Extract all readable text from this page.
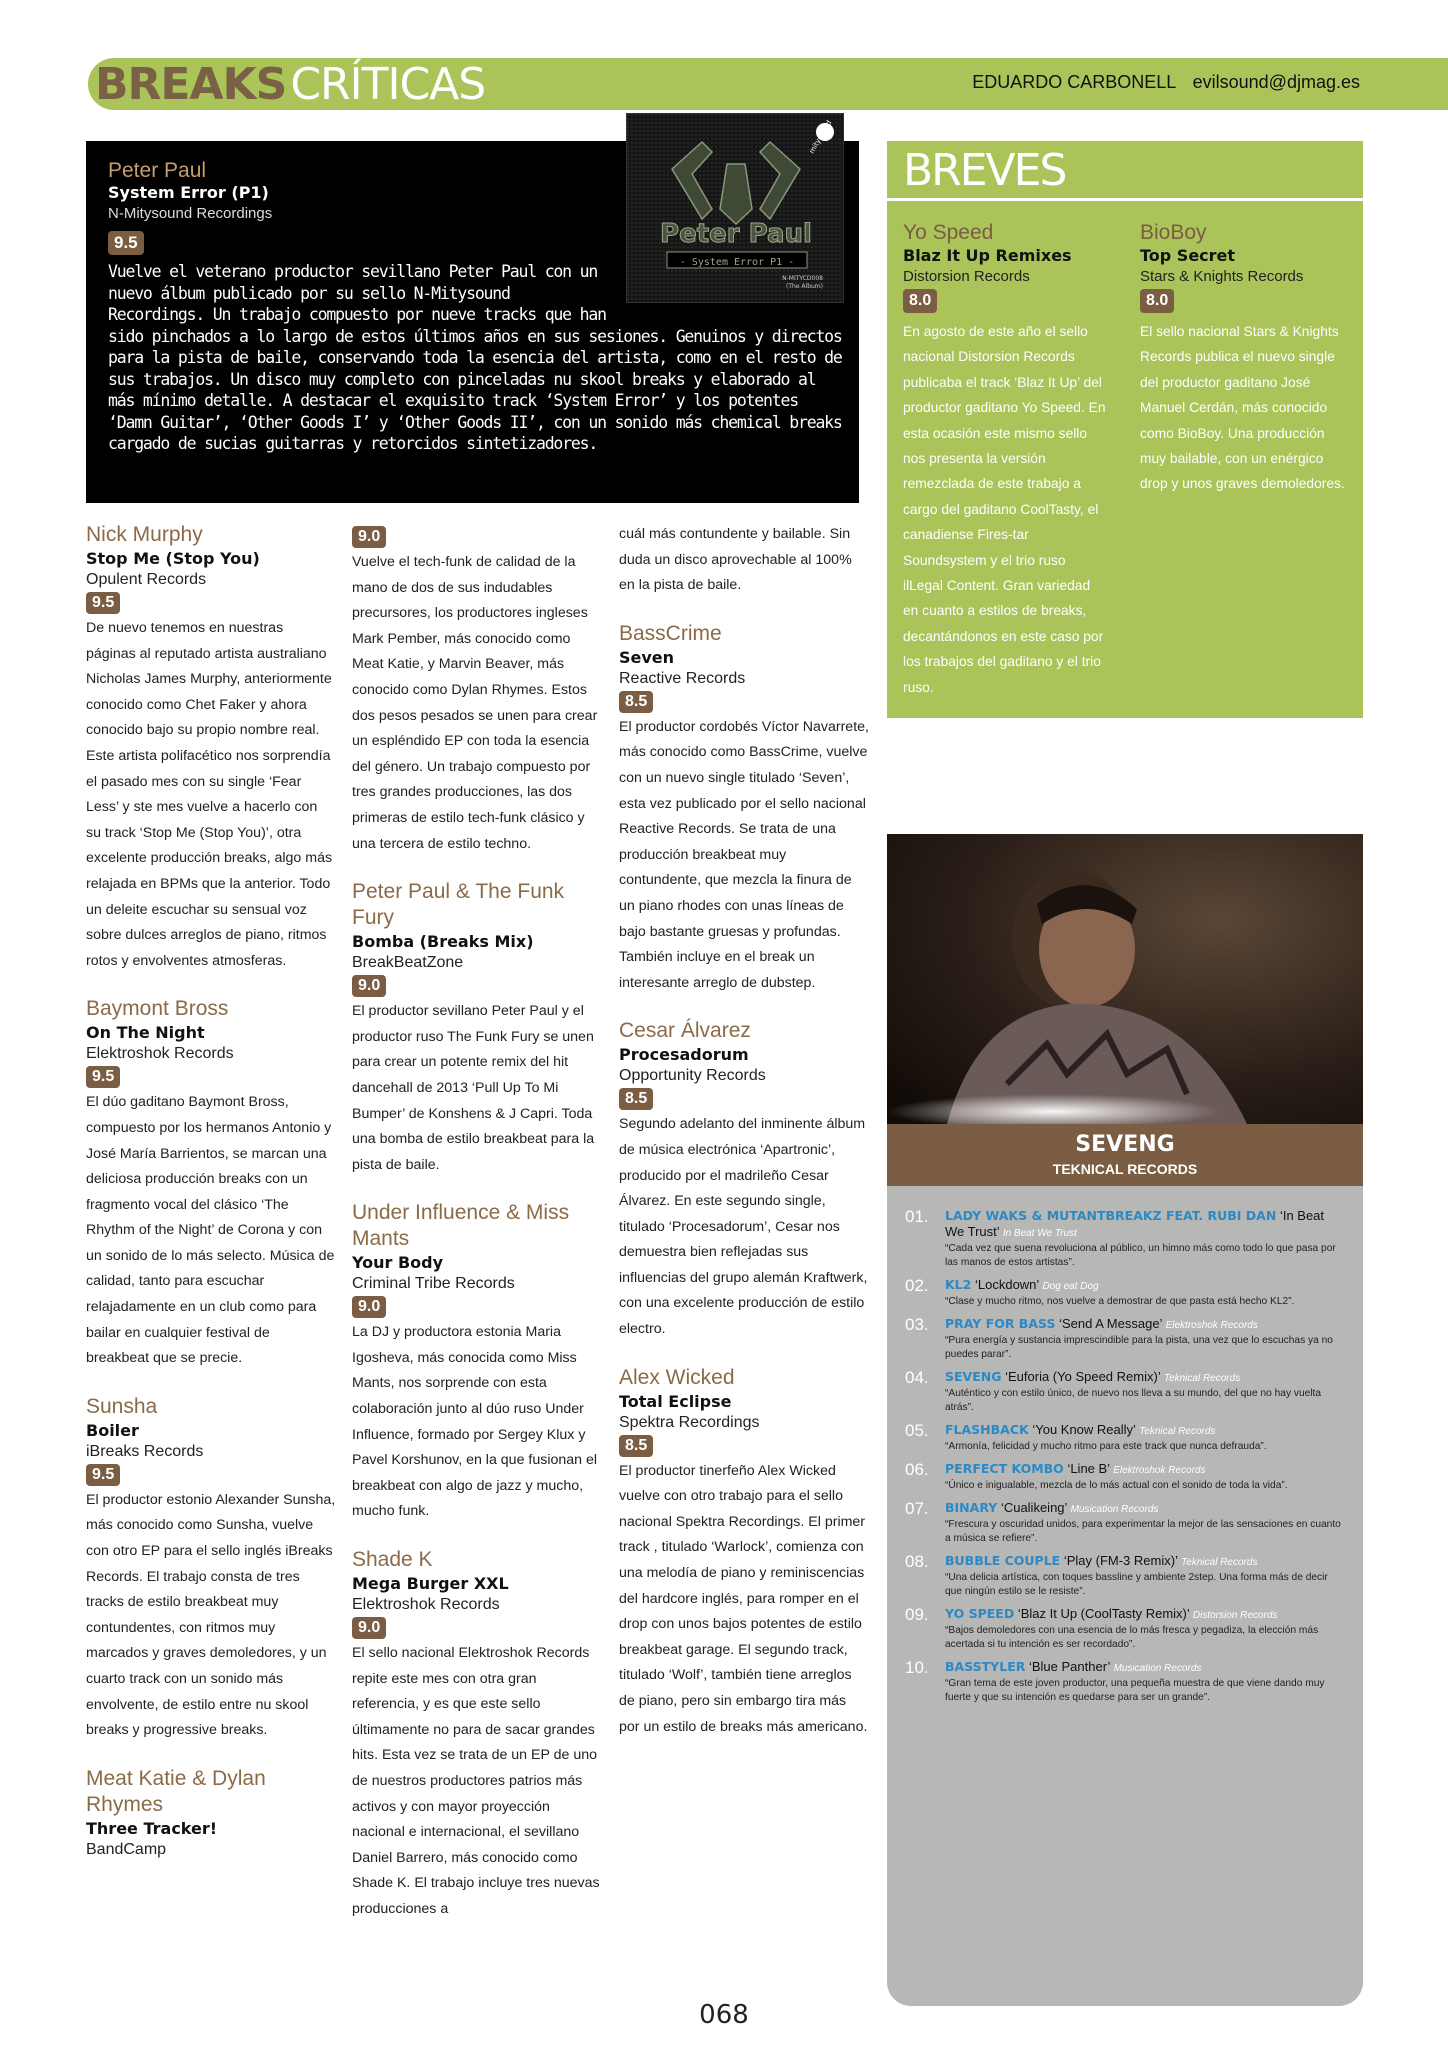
BREAKS CRÍTICAS	EDUARDO CARBONELL evilsound@djmag.es
Peter Paul
System Error (P1)
N-Mitysound Recordings
9.5	Peter Paul
- System Error P1 -
N-MITYCD008
(The Album)
mitysound
Vuelve el veterano productor sevillano Peter Paul con un nuevo álbum publicado por su sello N-Mitysound Recordings. Un trabajo compuesto por nueve tracks que han sido pinchados a lo largo de estos últimos años en sus sesiones. Genuinos y directos para la pista de baile, conservando toda la esencia del artista, como en el resto de sus trabajos. Un disco muy completo con pinceladas nu skool breaks y elaborado al más mínimo detalle. A destacar el exquisito track ‘System Error’ y los potentes ‘Damn Guitar’, ‘Other Goods I’ y ‘Other Goods II’, con un sonido más chemical breaks cargado de sucias guitarras y retorcidos sintetizadores.
Nick Murphy
Stop Me (Stop You)
Opulent Records
9.5
De nuevo tenemos en nuestras páginas al reputado artista australiano Nicholas James Murphy, anteriormente conocido como Chet Faker y ahora conocido bajo su propio nombre real. Este artista polifacético nos sorprendía el pasado mes con su single ‘Fear Less’ y ste mes vuelve a hacerlo con su track ‘Stop Me (Stop You)’, otra excelente producción breaks, algo más relajada en BPMs que la anterior. Todo un deleite escuchar su sensual voz sobre dulces arreglos de piano, ritmos rotos y envolventes atmosferas.
Baymont Bross
On The Night
Elektroshok Records
9.5
El dúo gaditano Baymont Bross, compuesto por los hermanos Antonio y José María Barrientos, se marcan una deliciosa producción breaks con un fragmento vocal del clásico ‘The Rhythm of the Night’ de Corona y con un sonido de lo más selecto. Música de calidad, tanto para escuchar relajadamente en un club como para bailar en cualquier festival de breakbeat que se precie.
Sunsha
Boiler
iBreaks Records
9.5
El productor estonio Alexander Sunsha, más conocido como Sunsha, vuelve con otro EP para el sello inglés iBreaks Records. El trabajo consta de tres tracks de estilo breakbeat muy contundentes, con ritmos muy marcados y graves demoledores, y un cuarto track con un sonido más envolvente, de estilo entre nu skool breaks y progressive breaks.
Meat Katie & Dylan Rhymes
Three Tracker!
BandCamp
9.0
Vuelve el tech-funk de calidad de la mano de dos de sus indudables precursores, los productores ingleses Mark Pember, más conocido como Meat Katie, y Marvin Beaver, más conocido como Dylan Rhymes. Estos dos pesos pesados se unen para crear un espléndido EP con toda la esencia del género. Un trabajo compuesto por tres grandes producciones, las dos primeras de estilo tech-funk clásico y una tercera de estilo techno.
Peter Paul & The Funk Fury
Bomba (Breaks Mix)
BreakBeatZone
9.0
El productor sevillano Peter Paul y el productor ruso The Funk Fury se unen para crear un potente remix del hit dancehall de 2013 ‘Pull Up To Mi Bumper’ de Konshens & J Capri. Toda una bomba de estilo breakbeat para la pista de baile.
Under Influence & Miss Mants
Your Body
Criminal Tribe Records
9.0
La DJ y productora estonia Maria Igosheva, más conocida como Miss Mants, nos sorprende con esta colaboración junto al dúo ruso Under Influence, formado por Sergey Klux y Pavel Korshunov, en la que fusionan el breakbeat con algo de jazz y mucho, mucho funk.
Shade K
Mega Burger XXL
Elektroshok Records
9.0
El sello nacional Elektroshok Records repite este mes con otra gran referencia, y es que este sello últimamente no para de sacar grandes hits. Esta vez se trata de un EP de uno de nuestros productores patrios más activos y con mayor proyección nacional e internacional, el sevillano Daniel Barrero, más conocido como Shade K. El trabajo incluye tres nuevas producciones a
cuál más contundente y bailable. Sin duda un disco aprovechable al 100% en la pista de baile.
BassCrime
Seven
Reactive Records
8.5
El productor cordobés Víctor Navarrete, más conocido como BassCrime, vuelve con un nuevo single titulado ‘Seven’, esta vez publicado por el sello nacional Reactive Records. Se trata de una producción breakbeat muy contundente, que mezcla la finura de un piano rhodes con unas líneas de bajo bastante gruesas y profundas. También incluye en el break un interesante arreglo de dubstep.
Cesar Álvarez
Procesadorum
Opportunity Records
8.5
Segundo adelanto del inminente álbum de música electrónica ‘Apartronic’, producido por el madrileño Cesar Álvarez. En este segundo single, titulado ‘Procesadorum’, Cesar nos demuestra bien reflejadas sus influencias del grupo alemán Kraftwerk, con una excelente producción de estilo electro.
Alex Wicked
Total Eclipse
Spektra Recordings
8.5
El productor tinerfeño Alex Wicked vuelve con otro trabajo para el sello nacional Spektra Recordings. El primer track , titulado ‘Warlock’, comienza con una melodía de piano y reminiscencias del hardcore inglés, para romper en el drop con unos bajos potentes de estilo breakbeat garage. El segundo track, titulado ‘Wolf’, también tiene arreglos de piano, pero sin embargo tira más por un estilo de breaks más americano.
BREVES
Yo Speed
Blaz It Up Remixes
Distorsion Records
8.0
En agosto de este año el sello nacional Distorsion Records publicaba el track ‘Blaz It Up’ del productor gaditano Yo Speed. En esta ocasión este mismo sello nos presenta la versión remezclada de este trabajo a cargo del gaditano CoolTasty, el canadiense Fires-tar Soundsystem y el trio ruso ilLegal Content. Gran variedad en cuanto a estilos de breaks, decantándonos en este caso por los trabajos del gaditano y el trio ruso.
BioBoy
Top Secret
Stars & Knights Records
8.0
El sello nacional Stars & Knights Records publica el nuevo single del productor gaditano José Manuel Cerdán, más conocido como BioBoy. Una producción muy bailable, con un enérgico drop y unos graves demoledores.
SEVENG
TEKNICAL RECORDS
01.	LADY WAKS & MUTANTBREAKZ FEAT. RUBI DAN ‘In Beat We Trust’ In Beat We Trust
“Cada vez que suena revoluciona al público, un himno más como todo lo que pasa por las manos de estos artistas”.
02.	KL2 ‘Lockdown’ Dog eat Dog
“Clase y mucho ritmo, nos vuelve a demostrar de que pasta está hecho KL2”.
03.	PRAY FOR BASS ‘Send A Message’ Elektroshok Records
“Pura energía y sustancia imprescindible para la pista, una vez que lo escuchas ya no puedes parar”.
04.	SEVENG ‘Euforia (Yo Speed Remix)’ Teknical Records
“Auténtico y con estilo único, de nuevo nos lleva a su mundo, del que no hay vuelta atrás”.
05.	FLASHBACK ‘You Know Really’ Teknical Records
“Armonía, felicidad y mucho ritmo para este track que nunca defrauda”.
06.	PERFECT KOMBO ‘Line B’ Elektroshok Records
“Único e inigualable, mezcla de lo más actual con el sonido de toda la vida”.
07.	BINARY ‘Cualikeing’ Musication Records
“Frescura y oscuridad unidos, para experimentar la mejor de las sensaciones en cuanto a música se refiere”.
08.	BUBBLE COUPLE ‘Play (FM-3 Remix)’ Teknical Records
“Una delicia artística, con toques bassline y ambiente 2step. Una forma más de decir que ningún estilo se le resiste”.
09.	YO SPEED ‘Blaz It Up (CoolTasty Remix)’ Distorsion Records
“Bajos demoledores con una esencia de lo más fresca y pegadiza, la elección más acertada si tu intención es ser recordado”.
10.	BASSTYLER ‘Blue Panther’ Musication Records
“Gran tema de este joven productor, una pequeña muestra de que viene dando muy fuerte y que su intención es quedarse para ser un grande”.
068
